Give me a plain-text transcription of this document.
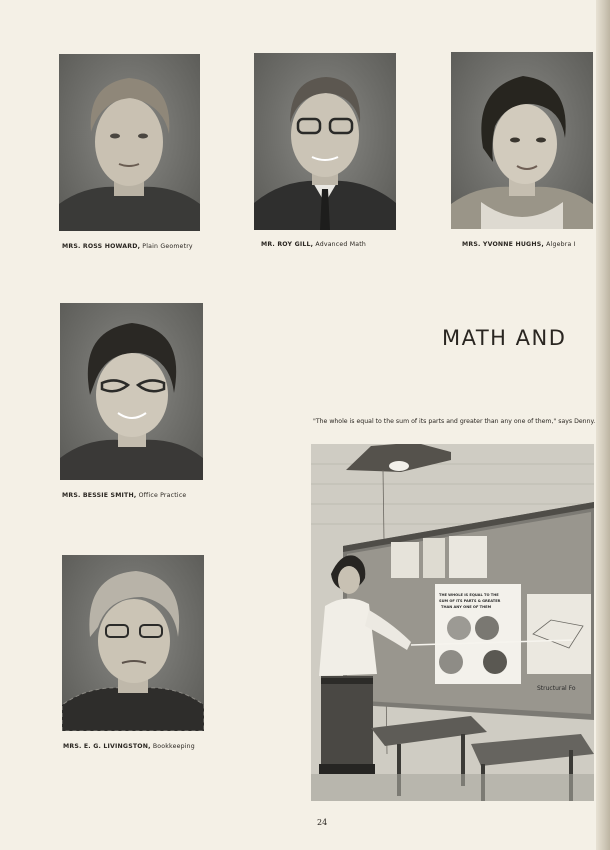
MRS. ROSS HOWARD, Plain Geometry	MR. ROY GILL, Advanced Math	MRS. YVONNE HUGHS, Algebra I
MRS. BESSIE SMITH, Office Practice
MRS. E. G. LIVINGSTON, Bookkeeping
MATH AND
"The whole is equal to the sum of its parts and greater than any one of them," says Denny.
THE WHOLE IS EQUAL TO THE
SUM OF ITS PARTS & GREATER
THAN ANY ONE OF THEM
Structural Fo
24
